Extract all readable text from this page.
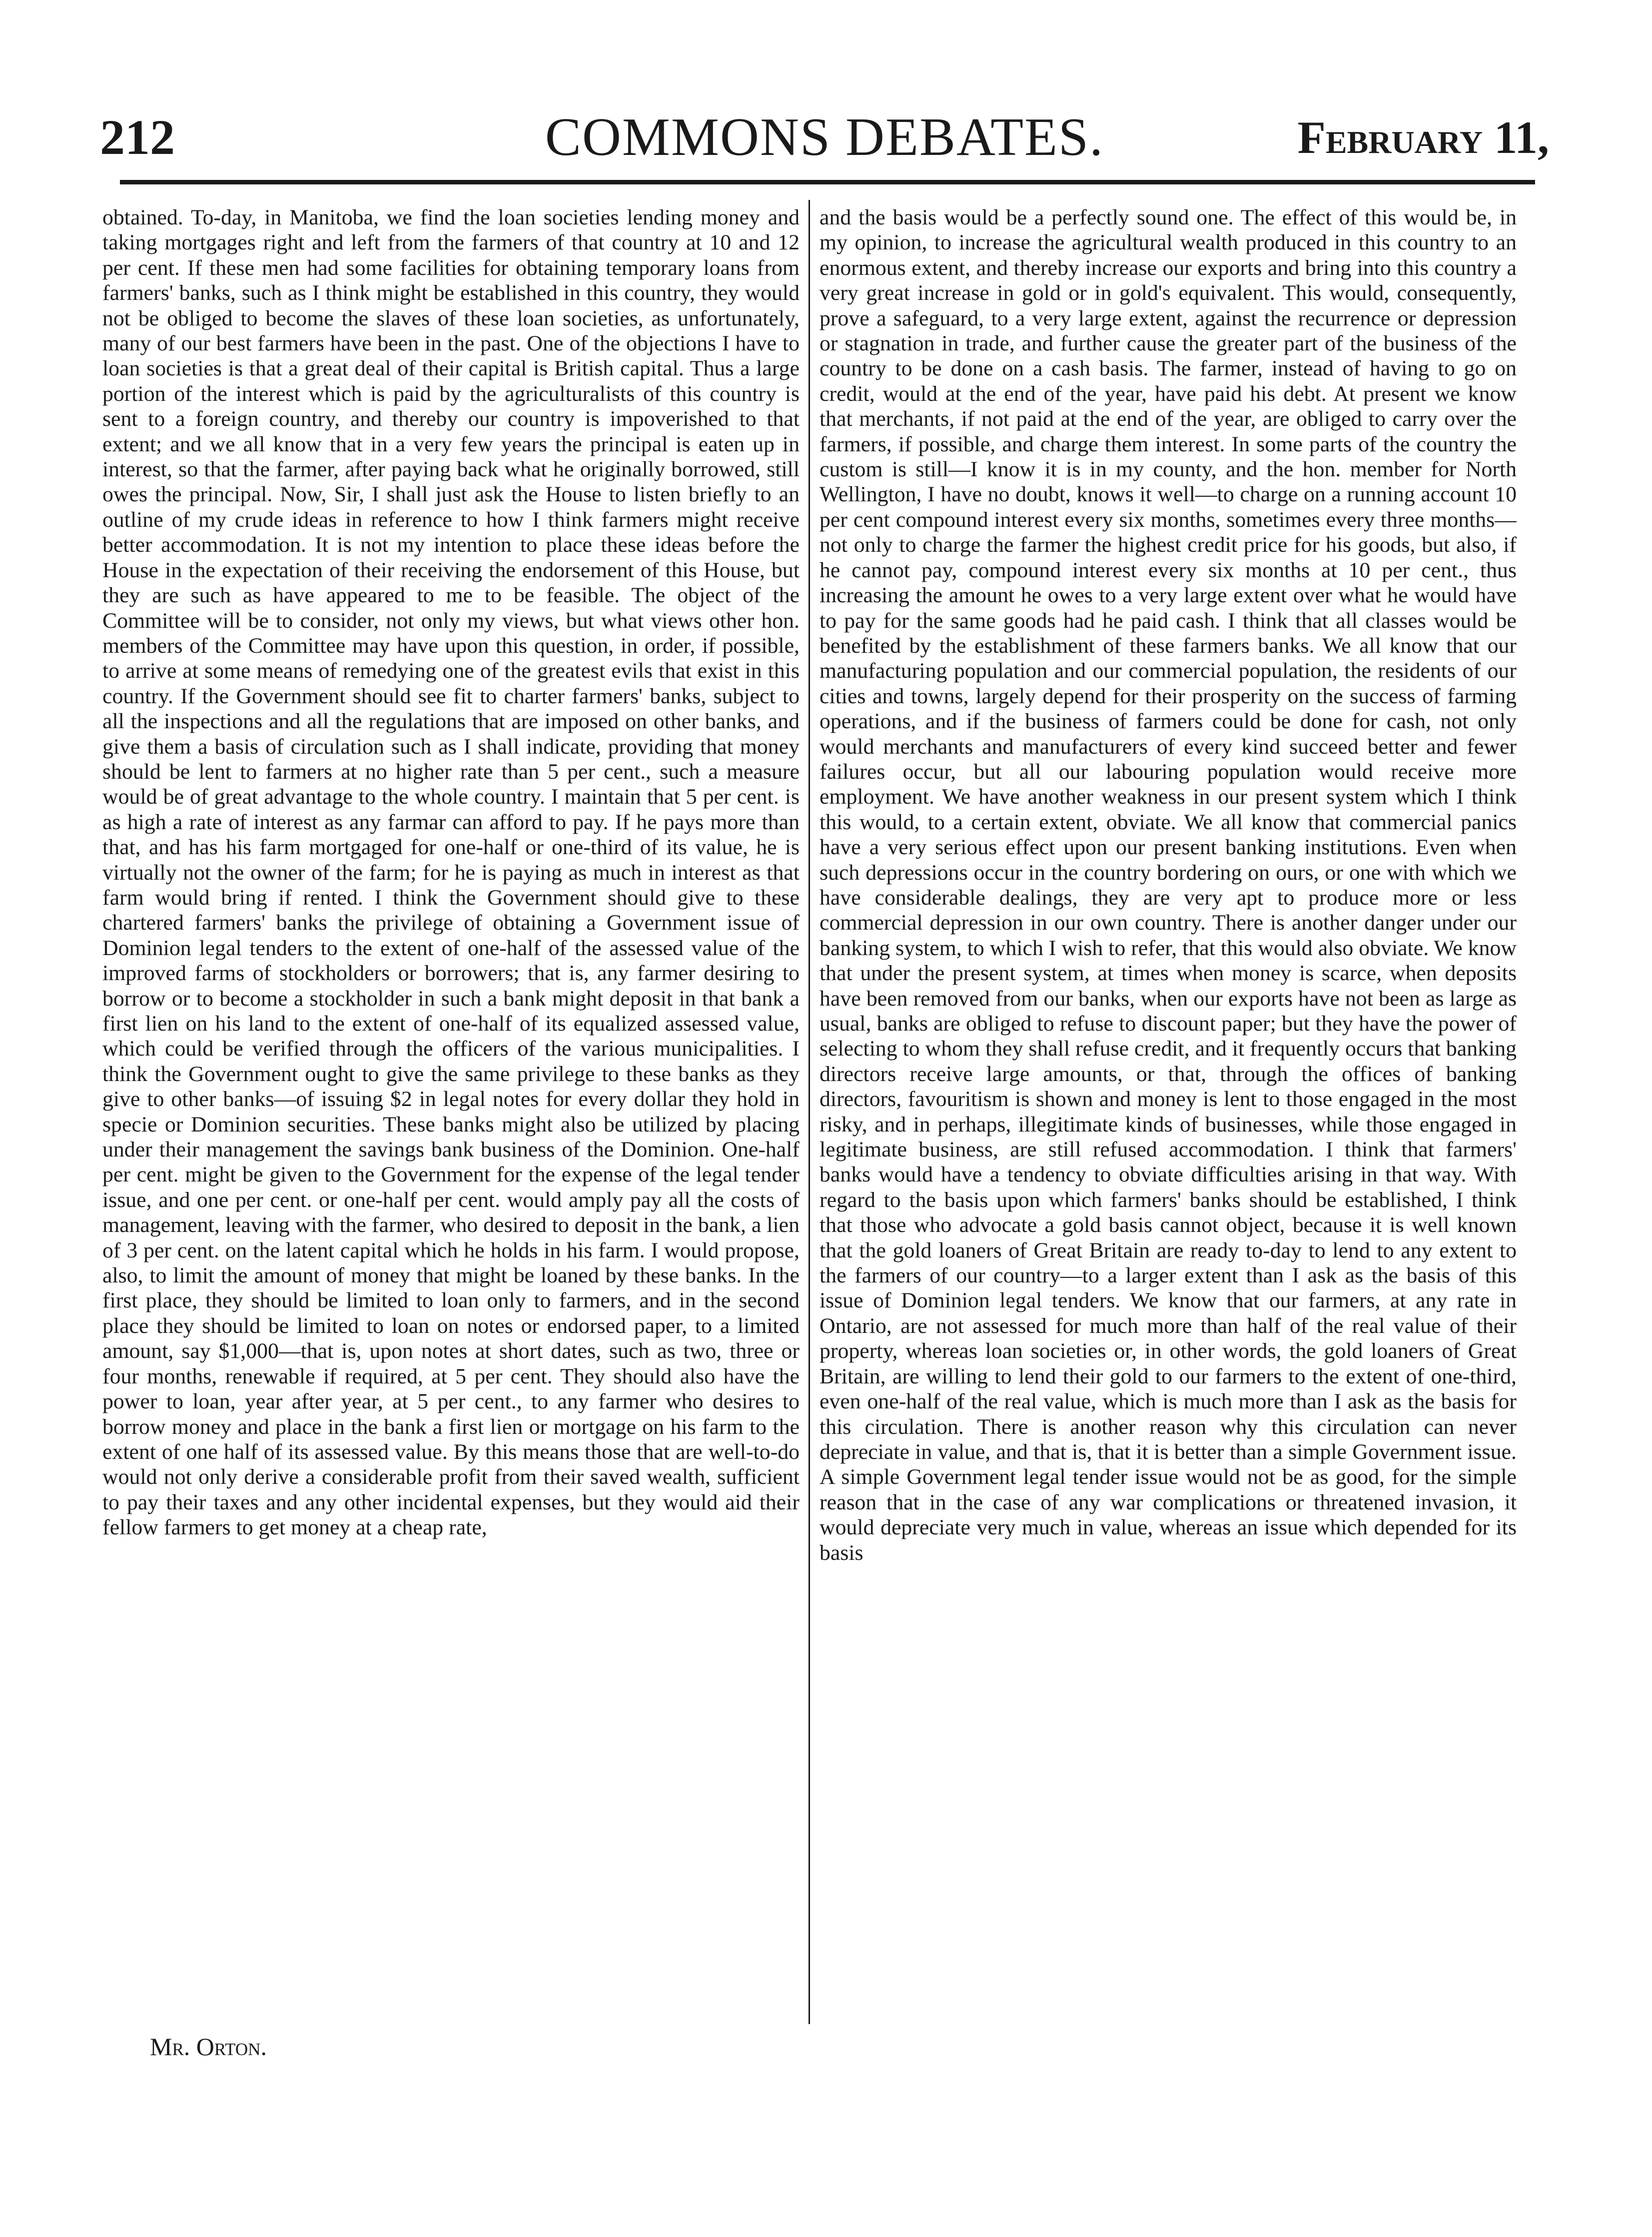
212	COMMONS DEBATES.	February 11,

obtained. To-day, in Manitoba, we find the loan societies lending money and taking mortgages right and left from the farmers of that country at 10 and 12 per cent. If these men had some facilities for obtaining temporary loans from farmers' banks, such as I think might be established in this country, they would not be obliged to become the slaves of these loan societies, as unfortunately, many of our best farmers have been in the past. One of the objections I have to loan societies is that a great deal of their capital is British capital. Thus a large portion of the interest which is paid by the agriculturalists of this country is sent to a foreign country, and thereby our country is impoverished to that extent; and we all know that in a very few years the principal is eaten up in interest, so that the farmer, after paying back what he originally borrowed, still owes the principal. Now, Sir, I shall just ask the House to listen briefly to an outline of my crude ideas in reference to how I think farmers might receive better accommodation. It is not my intention to place these ideas before the House in the expectation of their receiving the endorsement of this House, but they are such as have appeared to me to be feasible. The object of the Committee will be to consider, not only my views, but what views other hon. members of the Committee may have upon this question, in order, if possible, to arrive at some means of remedying one of the greatest evils that exist in this country. If the Government should see fit to charter farmers' banks, subject to all the inspections and all the regulations that are imposed on other banks, and give them a basis of circulation such as I shall indicate, providing that money should be lent to farmers at no higher rate than 5 per cent., such a measure would be of great advantage to the whole country. I maintain that 5 per cent. is as high a rate of interest as any farmar can afford to pay. If he pays more than that, and has his farm mortgaged for one-half or one-third of its value, he is virtually not the owner of the farm; for he is paying as much in interest as that farm would bring if rented. I think the Government should give to these chartered farmers' banks the privilege of obtaining a Government issue of Dominion legal tenders to the extent of one-half of the assessed value of the improved farms of stockholders or borrowers; that is, any farmer desiring to borrow or to become a stockholder in such a bank might deposit in that bank a first lien on his land to the extent of one-half of its equalized assessed value, which could be verified through the officers of the various municipalities. I think the Government ought to give the same privilege to these banks as they give to other banks—of issuing $2 in legal notes for every dollar they hold in specie or Dominion securities. These banks might also be utilized by placing under their management the savings bank business of the Dominion. One-half per cent. might be given to the Government for the expense of the legal tender issue, and one per cent. or one-half per cent. would amply pay all the costs of management, leaving with the farmer, who desired to deposit in the bank, a lien of 3 per cent. on the latent capital which he holds in his farm. I would propose, also, to limit the amount of money that might be loaned by these banks. In the first place, they should be limited to loan only to farmers, and in the second place they should be limited to loan on notes or endorsed paper, to a limited amount, say $1,000—that is, upon notes at short dates, such as two, three or four months, renewable if required, at 5 per cent. They should also have the power to loan, year after year, at 5 per cent., to any farmer who desires to borrow money and place in the bank a first lien or mortgage on his farm to the extent of one half of its assessed value. By this means those that are well-to-do would not only derive a considerable profit from their saved wealth, sufficient to pay their taxes and any other incidental expenses, but they would aid their fellow farmers to get money at a cheap rate,

and the basis would be a perfectly sound one. The effect of this would be, in my opinion, to increase the agricultural wealth produced in this country to an enormous extent, and thereby increase our exports and bring into this country a very great increase in gold or in gold's equivalent. This would, consequently, prove a safeguard, to a very large extent, against the recurrence or depression or stagnation in trade, and further cause the greater part of the business of the country to be done on a cash basis. The farmer, instead of having to go on credit, would at the end of the year, have paid his debt. At present we know that merchants, if not paid at the end of the year, are obliged to carry over the farmers, if possible, and charge them interest. In some parts of the country the custom is still—I know it is in my county, and the hon. member for North Wellington, I have no doubt, knows it well—to charge on a running account 10 per cent compound interest every six months, sometimes every three months—not only to charge the farmer the highest credit price for his goods, but also, if he cannot pay, compound interest every six months at 10 per cent., thus increasing the amount he owes to a very large extent over what he would have to pay for the same goods had he paid cash. I think that all classes would be benefited by the establishment of these farmers banks. We all know that our manufacturing population and our commercial population, the residents of our cities and towns, largely depend for their prosperity on the success of farming operations, and if the business of farmers could be done for cash, not only would merchants and manufacturers of every kind succeed better and fewer failures occur, but all our labouring population would receive more employment. We have another weakness in our present system which I think this would, to a certain extent, obviate. We all know that commercial panics have a very serious effect upon our present banking institutions. Even when such depressions occur in the country bordering on ours, or one with which we have considerable dealings, they are very apt to produce more or less commercial depression in our own country. There is another danger under our banking system, to which I wish to refer, that this would also obviate. We know that under the present system, at times when money is scarce, when deposits have been removed from our banks, when our exports have not been as large as usual, banks are obliged to refuse to discount paper; but they have the power of selecting to whom they shall refuse credit, and it frequently occurs that banking directors receive large amounts, or that, through the offices of banking directors, favouritism is shown and money is lent to those engaged in the most risky, and in perhaps, illegitimate kinds of businesses, while those engaged in legitimate business, are still refused accommodation. I think that farmers' banks would have a tendency to obviate difficulties arising in that way. With regard to the basis upon which farmers' banks should be established, I think that those who advocate a gold basis cannot object, because it is well known that the gold loaners of Great Britain are ready to-day to lend to any extent to the farmers of our country—to a larger extent than I ask as the basis of this issue of Dominion legal tenders. We know that our farmers, at any rate in Ontario, are not assessed for much more than half of the real value of their property, whereas loan societies or, in other words, the gold loaners of Great Britain, are willing to lend their gold to our farmers to the extent of one-third, even one-half of the real value, which is much more than I ask as the basis for this circulation. There is another reason why this circulation can never depreciate in value, and that is, that it is better than a simple Government issue. A simple Government legal tender issue would not be as good, for the simple reason that in the case of any war complications or threatened invasion, it would depreciate very much in value, whereas an issue which depended for its basis

Mr. Orton.
